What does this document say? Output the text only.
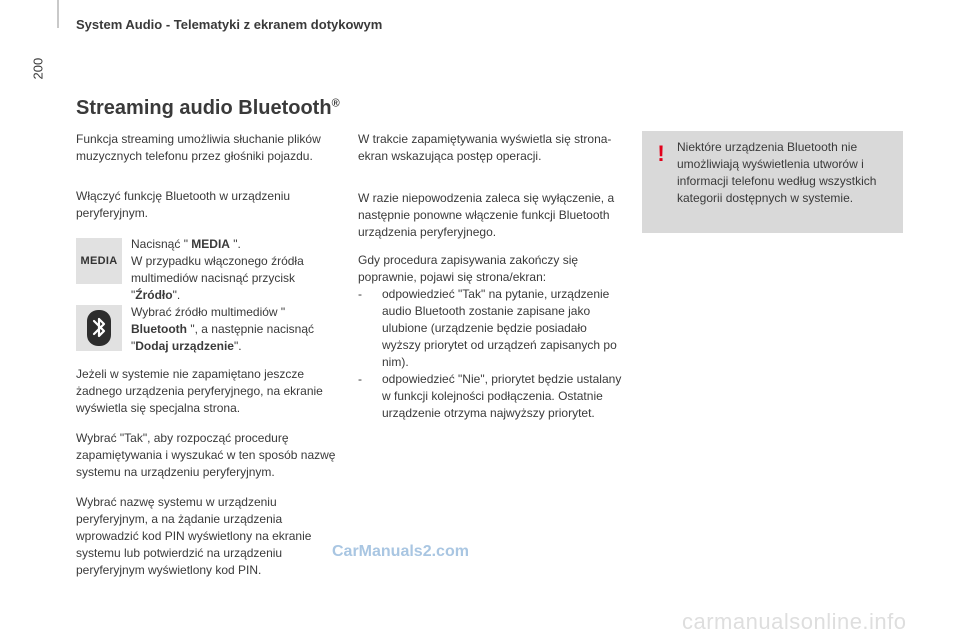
200
System Audio - Telematyki z ekranem dotykowym
Streaming audio Bluetooth®

Funkcja streaming umożliwia słuchanie plików muzycznych telefonu przez głośniki pojazdu.

Włączyć funkcję Bluetooth w urządzeniu peryferyjnym.

MEDIA

Nacisnąć " MEDIA ".
W przypadku włączonego źródła multimediów nacisnąć przycisk "Źródło".

Wybrać źródło multimediów " Bluetooth ", a następnie nacisnąć "Dodaj urządzenie".

Jeżeli w systemie nie zapamiętano jeszcze żadnego urządzenia peryferyjnego, na ekranie wyświetla się specjalna strona.

Wybrać "Tak", aby rozpocząć procedurę zapamiętywania i wyszukać w ten sposób nazwę systemu na urządzeniu peryferyjnym.

Wybrać nazwę systemu w urządzeniu peryferyjnym, a na żądanie urządzenia wprowadzić kod PIN wyświetlony na ekranie systemu lub potwierdzić na urządzeniu peryferyjnym wyświetlony kod PIN.

W trakcie zapamiętywania wyświetla się strona-ekran wskazująca postęp operacji.

W razie niepowodzenia zaleca się wyłączenie, a następnie ponowne włączenie funkcji Bluetooth urządzenia peryferyjnego.

Gdy procedura zapisywania zakończy się poprawnie, pojawi się strona/ekran:

- odpowiedzieć "Tak" na pytanie, urządzenie audio Bluetooth zostanie zapisane jako ulubione (urządzenie będzie posiadało wyższy priorytet od urządzeń zapisanych po nim).
- odpowiedzieć "Nie", priorytet będzie ustalany w funkcji kolejności podłączenia. Ostatnie urządzenie otrzyma najwyższy priorytet.
! Niektóre urządzenia Bluetooth nie umożliwiają wyświetlenia utworów i informacji telefonu według wszystkich kategorii dostępnych w systemie.
CarManuals2.com
carmanualsonline.info
